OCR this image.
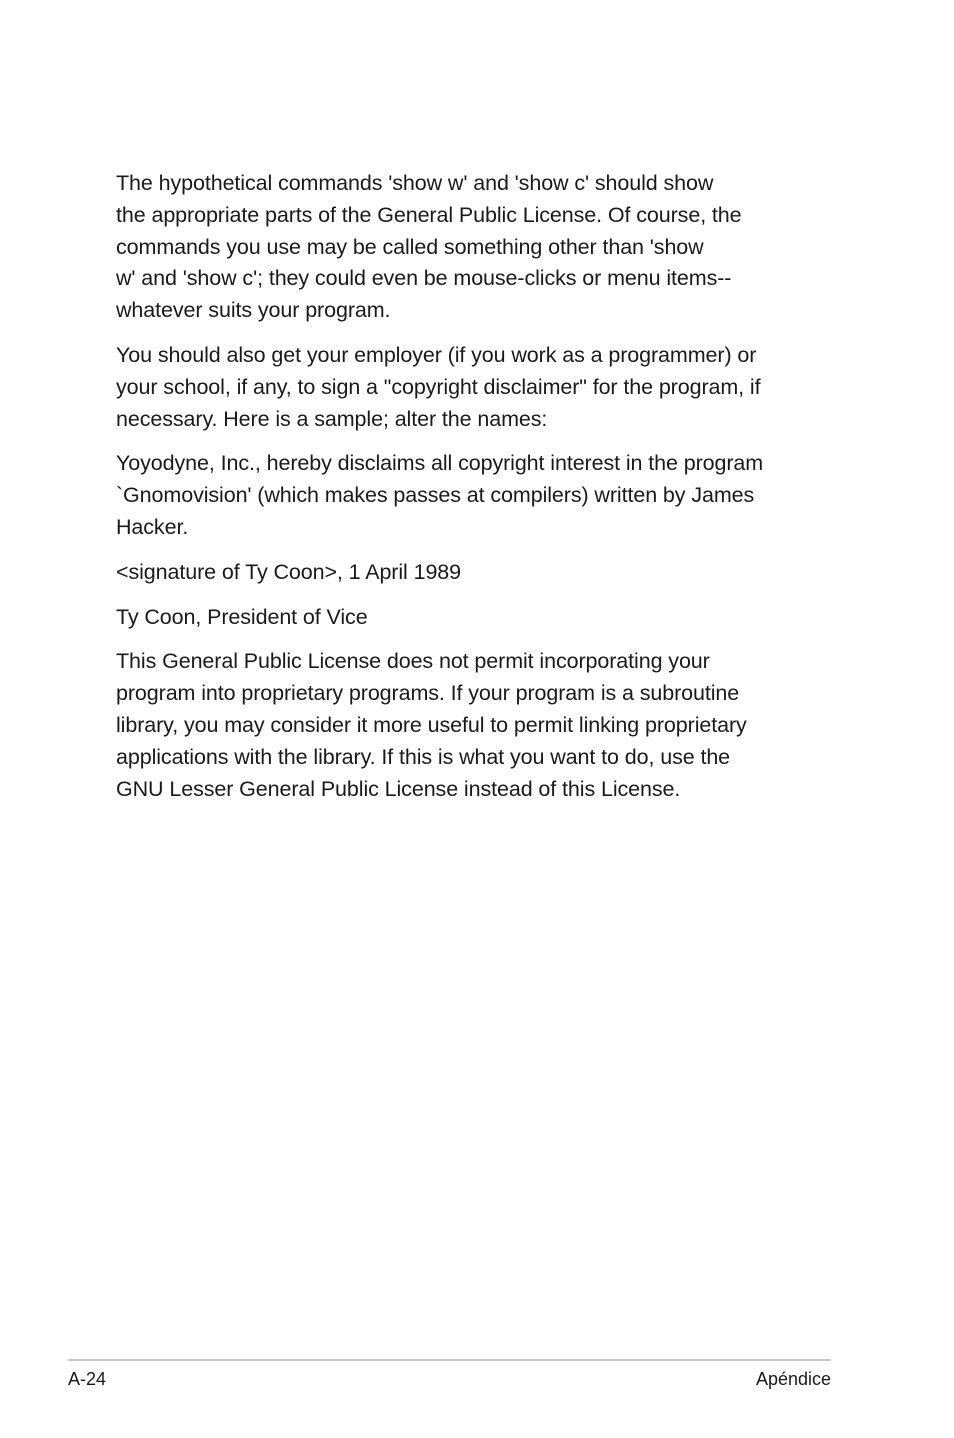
The hypothetical commands 'show w' and 'show c' should show
the appropriate parts of the General Public License. Of course, the
commands you use may be called something other than 'show
w' and 'show c'; they could even be mouse-clicks or menu items--
whatever suits your program.

You should also get your employer (if you work as a programmer) or
your school, if any, to sign a "copyright disclaimer" for the program, if
necessary. Here is a sample; alter the names:

Yoyodyne, Inc., hereby disclaims all copyright interest in the program
`Gnomovision' (which makes passes at compilers) written by James
Hacker.

<signature of Ty Coon>, 1 April 1989

Ty Coon, President of Vice

This General Public License does not permit incorporating your
program into proprietary programs. If your program is a subroutine
library, you may consider it more useful to permit linking proprietary
applications with the library. If this is what you want to do, use the
GNU Lesser General Public License instead of this License.

A-24	Apéndice
